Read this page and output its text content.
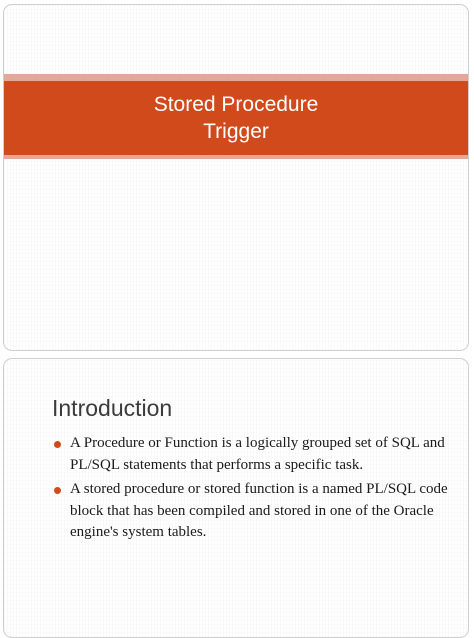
Stored Procedure
Trigger
Introduction
A Procedure or Function is a logically grouped set of SQL and PL/SQL statements that performs a specific task.
A stored procedure or stored function is a named PL/SQL code block that has been compiled and stored in one of the Oracle engine's system tables.
